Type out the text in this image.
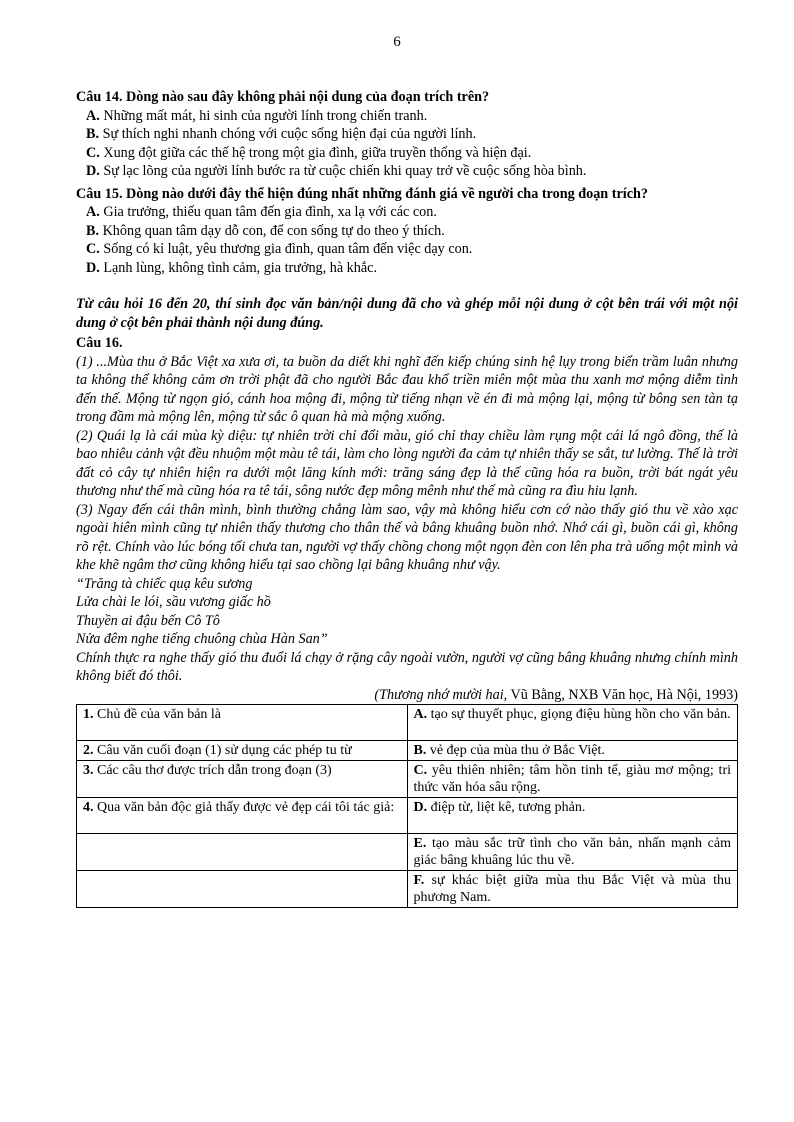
6

Câu 14. Dòng nào sau đây không phải nội dung của đoạn trích trên?

A. Những mất mát, hi sinh của người lính trong chiến tranh.

B. Sự thích nghi nhanh chóng với cuộc sống hiện đại của người lính.

C. Xung đột giữa các thế hệ trong một gia đình, giữa truyền thống và hiện đại.

D. Sự lạc lõng của người lính bước ra từ cuộc chiến khi quay trở về cuộc sống hòa bình.

Câu 15. Dòng nào dưới đây thể hiện đúng nhất những đánh giá về người cha trong đoạn trích?

A. Gia trưởng, thiếu quan tâm đến gia đình, xa lạ với các con.

B. Không quan tâm dạy dỗ con, để con sống tự do theo ý thích.

C. Sống có kỉ luật, yêu thương gia đình, quan tâm đến việc dạy con.

D. Lạnh lùng, không tình cảm, gia trưởng, hà khắc.

Từ câu hỏi 16 đến 20, thí sinh đọc văn bản/nội dung đã cho và ghép mỗi nội dung ở cột bên trái với một nội dung ở cột bên phải thành nội dung đúng.

Câu 16.

(1) ...Mùa thu ở Bắc Việt xa xưa ơi, ta buồn da diết khi nghĩ đến kiếp chúng sinh hệ lụy trong biển trầm luân nhưng ta không thể không cảm ơn trời phật đã cho người Bắc đau khổ triền miên một mùa thu xanh mơ mộng diễm tình đến thế. Mộng từ ngọn gió, cánh hoa mộng đi, mộng từ tiếng nhạn về én đi mà mộng lại, mộng từ bông sen tàn tạ trong đầm mà mộng lên, mộng từ sắc ô quan hà mà mộng xuống.

(2) Quái lạ là cái mùa kỳ diệu: tự nhiên trời chỉ đổi màu, gió chỉ thay chiều làm rụng một cái lá ngô đồng, thế là bao nhiêu cảnh vật đều nhuộm một màu tê tái, làm cho lòng người đa cảm tự nhiên thấy se sắt, tư lường. Thế là trời đất cỏ cây tự nhiên hiện ra dưới một lăng kính mới: trăng sáng đẹp là thế cũng hóa ra buồn, trời bát ngát yêu thương như thế mà cũng hóa ra tê tái, sông nước đẹp mông mênh như thế mà cũng ra đìu hiu lạnh.

(3) Ngay đến cái thân mình, bình thường chẳng làm sao, vậy mà không hiểu cơn cớ nào thấy gió thu về xào xạc ngoài hiên mình cũng tự nhiên thấy thương cho thân thế và bâng khuâng buồn nhớ. Nhớ cái gì, buồn cái gì, không rõ rệt. Chính vào lúc bóng tối chưa tan, người vợ thấy chồng chong một ngọn đèn con lên pha trà uống một mình và khe khẽ ngâm thơ cũng không hiểu tại sao chồng lại bâng khuâng như vậy.

“Trăng tà chiếc quạ kêu sương

Lửa chài le lói, sầu vương giấc hồ

Thuyền ai đậu bến Cô Tô

Nửa đêm nghe tiếng chuông chùa Hàn San”

Chính thực ra nghe thấy gió thu đuổi lá chạy ở rặng cây ngoài vườn, người vợ cũng bâng khuâng nhưng chính mình không biết đó thôi.

(Thương nhớ mười hai, Vũ Bằng, NXB Văn học, Hà Nội, 1993)

1. Chủ đề của văn bản là	A. tạo sự thuyết phục, giọng điệu hùng hồn cho văn bản.
2. Câu văn cuối đoạn (1) sử dụng các phép tu từ	B. vẻ đẹp của mùa thu ở Bắc Việt.
3. Các câu thơ được trích dẫn trong đoạn (3)	C. yêu thiên nhiên; tâm hồn tinh tế, giàu mơ mộng; tri thức văn hóa sâu rộng.
4. Qua văn bản độc giả thấy được vẻ đẹp cái tôi tác giả:	D. điệp từ, liệt kê, tương phản.
	E. tạo màu sắc trữ tình cho văn bản, nhấn mạnh cảm giác bâng khuâng lúc thu về.
	F. sự khác biệt giữa mùa thu Bắc Việt và mùa thu phương Nam.
